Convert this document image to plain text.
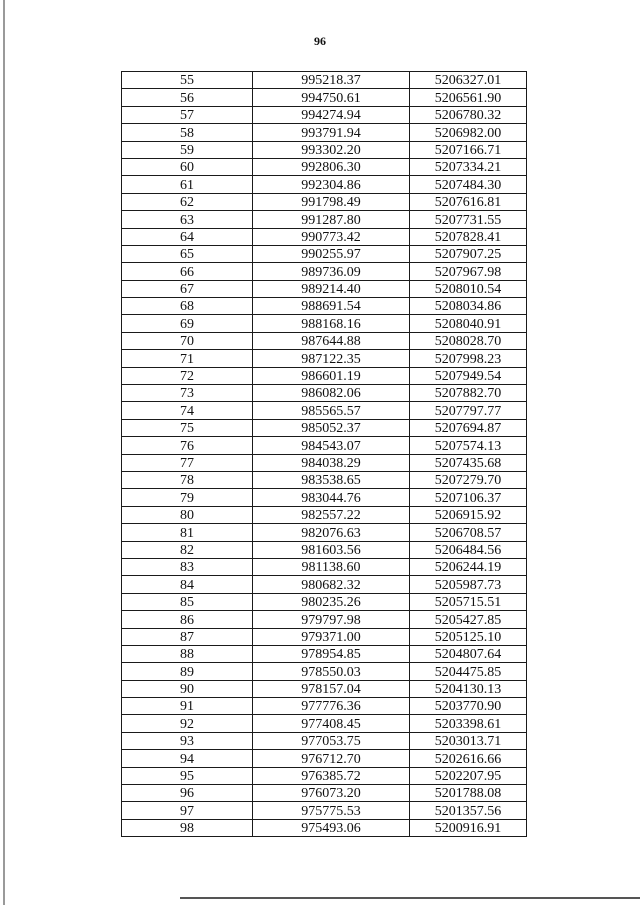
96
55	995218.37	5206327.01
56	994750.61	5206561.90
57	994274.94	5206780.32
58	993791.94	5206982.00
59	993302.20	5207166.71
60	992806.30	5207334.21
61	992304.86	5207484.30
62	991798.49	5207616.81
63	991287.80	5207731.55
64	990773.42	5207828.41
65	990255.97	5207907.25
66	989736.09	5207967.98
67	989214.40	5208010.54
68	988691.54	5208034.86
69	988168.16	5208040.91
70	987644.88	5208028.70
71	987122.35	5207998.23
72	986601.19	5207949.54
73	986082.06	5207882.70
74	985565.57	5207797.77
75	985052.37	5207694.87
76	984543.07	5207574.13
77	984038.29	5207435.68
78	983538.65	5207279.70
79	983044.76	5207106.37
80	982557.22	5206915.92
81	982076.63	5206708.57
82	981603.56	5206484.56
83	981138.60	5206244.19
84	980682.32	5205987.73
85	980235.26	5205715.51
86	979797.98	5205427.85
87	979371.00	5205125.10
88	978954.85	5204807.64
89	978550.03	5204475.85
90	978157.04	5204130.13
91	977776.36	5203770.90
92	977408.45	5203398.61
93	977053.75	5203013.71
94	976712.70	5202616.66
95	976385.72	5202207.95
96	976073.20	5201788.08
97	975775.53	5201357.56
98	975493.06	5200916.91
